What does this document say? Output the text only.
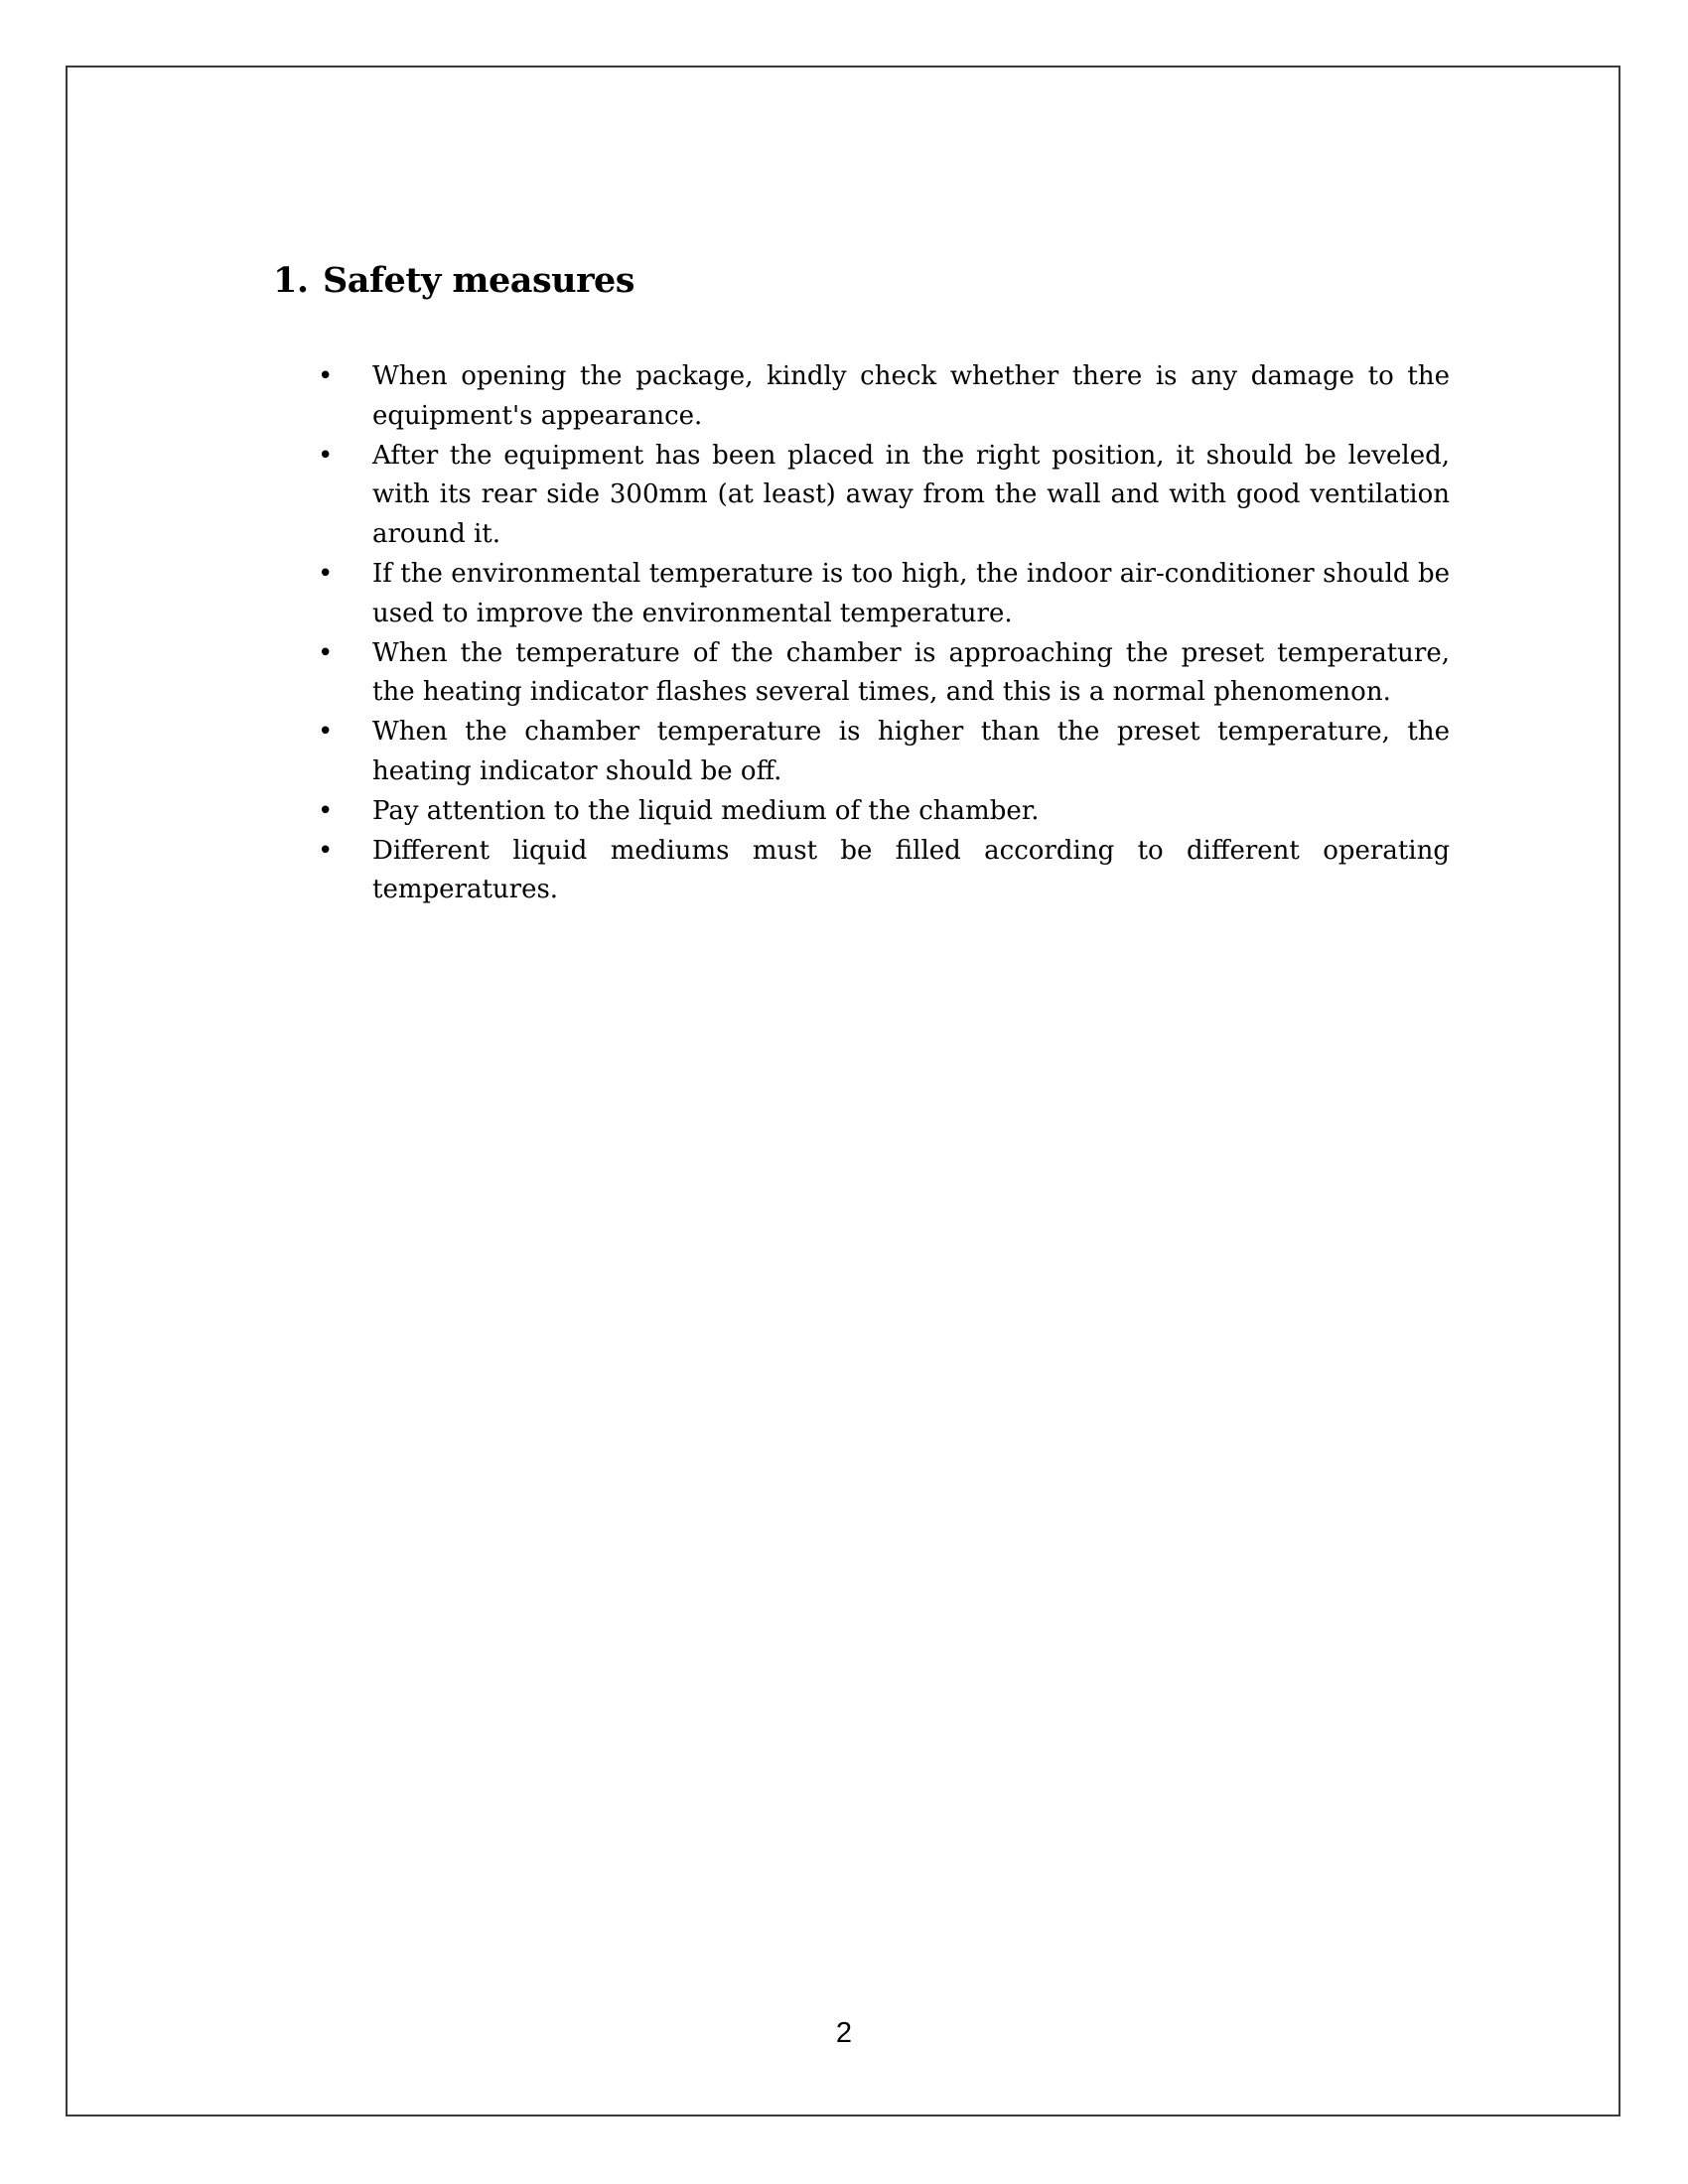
1. Safety measures
•	When opening the package, kindly check whether there is any damage to the equipment's appearance.
•	After the equipment has been placed in the right position, it should be leveled, with its rear side 300mm (at least) away from the wall and with good ventilation around it.
•	If the environmental temperature is too high, the indoor air-conditioner should be used to improve the environmental temperature.
•	When the temperature of the chamber is approaching the preset temperature, the heating indicator flashes several times, and this is a normal phenomenon.
•	When the chamber temperature is higher than the preset temperature, the heating indicator should be off.
•	Pay attention to the liquid medium of the chamber.
•	Different liquid mediums must be filled according to different operating temperatures.
2
